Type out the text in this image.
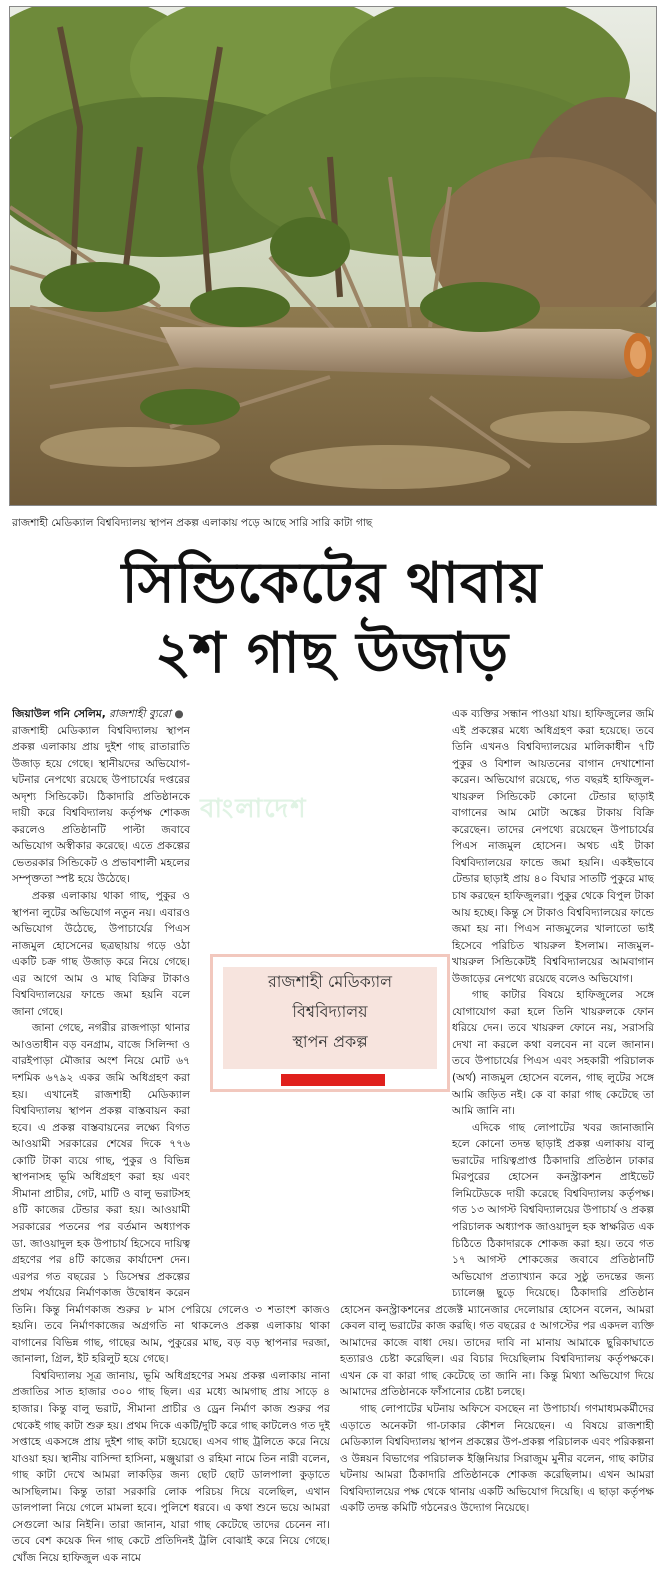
রাজশাহী মেডিক্যাল বিশ্ববিদ্যালয় স্থাপন প্রকল্প এলাকায় পড়ে আছে সারি সারি কাটা গাছ
সিন্ডিকেটের থাবায়
২শ গাছ উজাড়
বাংলাদেশ

জিয়াউল গনি সেলিম, রাজশাহী ব্যুরো ●

রাজশাহী মেডিক্যাল বিশ্ববিদ্যালয় স্থাপন প্রকল্প এলাকায় প্রায় দুইশ গাছ রাতারাতি উজাড় হয়ে গেছে। স্থানীয়দের অভিযোগ- ঘটনার নেপথ্যে রয়েছে উপাচার্যের দপ্তরের অদৃশ্য সিন্ডিকেট। ঠিকাদারি প্রতিষ্ঠানকে দায়ী করে বিশ্ববিদ্যালয় কর্তৃপক্ষ শোকজ করলেও প্রতিষ্ঠানটি পাল্টা জবাবে অভিযোগ অস্বীকার করেছে। এতে প্রকল্পের ভেতরকার সিন্ডিকেট ও প্রভাবশালী মহলের সম্পৃক্ততা স্পষ্ট হয়ে উঠেছে।

প্রকল্প এলাকায় থাকা গাছ, পুকুর ও স্থাপনা লুটের অভিযোগ নতুন নয়। এবারও অভিযোগ উঠেছে, উপাচার্যের পিএস নাজমুল হোসেনের ছত্রছায়ায় গড়ে ওঠা একটি চক্র গাছ উজাড় করে নিয়ে গেছে। এর আগে আম ও মাছ বিক্রির টাকাও বিশ্ববিদ্যালয়ের ফান্ডে জমা হয়নি বলে জানা গেছে।

জানা গেছে, নগরীর রাজপাড়া থানার আওতাধীন বড় বনগ্রাম, বাজে সিলিন্দা ও বারইপাড়া মৌজার অংশ নিয়ে মোট ৬৭ দশমিক ৬৭৯২ একর জমি অধিগ্রহণ করা হয়। এখানেই রাজশাহী মেডিক্যাল বিশ্ববিদ্যালয় স্থাপন প্রকল্প বাস্তবায়ন করা হবে। এ প্রকল্প বাস্তবায়নের লক্ষ্যে বিগত আওয়ামী সরকারের শেষের দিকে ৭৭৬ কোটি টাকা ব্যয়ে গাছ, পুকুর ও বিভিন্ন স্থাপনাসহ ভূমি অধিগ্রহণ করা হয় এবং সীমানা প্রাচীর, গেট, মাটি ও বালু ভরাটসহ ৪টি কাজের টেন্ডার করা হয়। আওয়ামী সরকারের পতনের পর বর্তমান অধ্যাপক ডা. জাওয়াদুল হক উপাচার্য হিসেবে দায়িত্ব গ্রহণের পর ৪টি কাজের কার্যাদেশ দেন। এরপর গত বছরের ১ ডিসেম্বর প্রকল্পের প্রথম পর্যায়ের নির্মাণকাজ উদ্বোধন করেন তিনি। কিন্তু নির্মাণকাজ শুরুর ৮ মাস পেরিয়ে গেলেও ৩ শতাংশ কাজও হয়নি। তবে নির্মাণকাজের অগ্রগতি না থাকলেও প্রকল্প এলাকায় থাকা বাগানের বিভিন্ন গাছ, গাছের আম, পুকুরের মাছ, বড় বড় স্থাপনার দরজা, জানালা, গ্রিল, ইট হরিলুট হয়ে গেছে।

বিশ্ববিদ্যালয় সূত্র জানায়, ভূমি অধিগ্রহণের সময় প্রকল্প এলাকায় নানা প্রজাতির সাত হাজার ৩০০ গাছ ছিল। এর মধ্যে আমগাছ প্রায় সাড়ে ৪ হাজার। কিন্তু বালু ভরাট, সীমানা প্রাচীর ও ড্রেন নির্মাণ কাজ শুরুর পর থেকেই গাছ কাটা শুরু হয়। প্রথম দিকে একটি/দুটি করে গাছ কাটলেও গত দুই সপ্তাহে একসঙ্গে প্রায় দুইশ গাছ কাটা হয়েছে। এসব গাছ ট্রলিতে করে নিয়ে যাওয়া হয়। স্থানীয় বাসিন্দা হাসিনা, মঞ্জুয়ারা ও রহিমা নামে তিন নারী বলেন, গাছ কাটা দেখে আমরা লাকড়ির জন্য ছোট ছোট ডালপালা কুড়াতে আসছিলাম। কিন্তু তারা সরকারি লোক পরিচয় দিয়ে বলেছিল, এখান ডালপালা নিয়ে গেলে মামলা হবে। পুলিশে ধরবে। এ কথা শুনে ভয়ে আমরা সেগুলো আর নিইনি। তারা জানান, যারা গাছ কেটেছে তাদের চেনেন না। তবে বেশ কয়েক দিন গাছ কেটে প্রতিদিনই ট্রলি বোঝাই করে নিয়ে গেছে। খোঁজ নিয়ে হাফিজুল এক নামে

এক ব্যক্তির সন্ধান পাওয়া যায়। হাফিজুলের জমি এই প্রকল্পের মধ্যে অধিগ্রহণ করা হয়েছে। তবে তিনি এখনও বিশ্ববিদ্যালয়ের মালিকাধীন ৭টি পুকুর ও বিশাল আয়তনের বাগান দেখাশোনা করেন। অভিযোগ রয়েছে, গত বছরই হাফিজুল-খায়রুল সিন্ডিকেট কোনো টেন্ডার ছাড়াই বাগানের আম মোটা অঙ্কের টাকায় বিক্রি করেছেন। তাদের নেপথ্যে রয়েছেন উপাচার্যের পিএস নাজমুল হোসেন। অথচ এই টাকা বিশ্ববিদ্যালয়ের ফান্ডে জমা হয়নি। একইভাবে টেন্ডার ছাড়াই প্রায় ৪০ বিঘার সাতটি পুকুরে মাছ চাষ করছেন হাফিজুলরা। পুকুর থেকে বিপুল টাকা আয় হচ্ছে। কিন্তু সে টাকাও বিশ্ববিদ্যালয়ের ফান্ডে জমা হয় না। পিএস নাজমুলের খালাতো ভাই হিসেবে পরিচিত খায়রুল ইসলাম। নাজমুল-খায়রুল সিন্ডিকেটই বিশ্ববিদ্যালয়ের আমবাগান উজাড়ের নেপথ্যে রয়েছে বলেও অভিযোগ।

গাছ কাটার বিষয়ে হাফিজুলের সঙ্গে যোগাযোগ করা হলে তিনি খায়রুলকে ফোন ধরিয়ে দেন। তবে খায়রুল ফোনে নয়, সরাসরি দেখা না করলে কথা বলবেন না বলে জানান। তবে উপাচার্যের পিএস এবং সহকারী পরিচালক (অর্থ) নাজমুল হোসেন বলেন, গাছ লুটের সঙ্গে আমি জড়িত নই। কে বা কারা গাছ কেটেছে তা আমি জানি না।

এদিকে গাছ লোপাটের খবর জানাজানি হলে কোনো তদন্ত ছাড়াই প্রকল্প এলাকায় বালু ভরাটের দায়িত্বপ্রাপ্ত ঠিকাদারি প্রতিষ্ঠান ঢাকার মিরপুরের হোসেন কনস্ট্রাকশন প্রাইভেট লিমিটেডকে দায়ী করেছে বিশ্ববিদ্যালয় কর্তৃপক্ষ। গত ১৩ আগস্ট বিশ্ববিদ্যালয়ের উপাচার্য ও প্রকল্প পরিচালক অধ্যাপক জাওয়াদুল হক স্বাক্ষরিত এক চিঠিতে ঠিকাদারকে শোকজ করা হয়। তবে গত ১৭ আগস্ট শোকজের জবাবে প্রতিষ্ঠানটি অভিযোগ প্রত্যাখ্যান করে সুষ্ঠু তদন্তের জন্য চ্যালেঞ্জ ছুড়ে দিয়েছে। ঠিকাদারি প্রতিষ্ঠান হোসেন কনস্ট্রাকশনের প্রজেক্ট ম্যানেজার দেলোয়ার হোসেন বলেন, আমরা কেবল বালু ভরাটের কাজ করছি। গত বছরের ৫ আগস্টের পর একদল ব্যক্তি আমাদের কাজে বাধা দেয়। তাদের দাবি না মানায় আমাকে ছুরিকাঘাতে হত্যারও চেষ্টা করেছিল। এর বিচার দিয়েছিলাম বিশ্ববিদ্যালয় কর্তৃপক্ষকে। এখন কে বা কারা গাছ কেটেছে তা জানি না। কিন্তু মিথ্যা অভিযোগ দিয়ে আমাদের প্রতিষ্ঠানকে ফাঁসানোর চেষ্টা চলছে।

গাছ লোপাটের ঘটনায় অফিসে বসছেন না উপাচার্য। গণমাধ্যমকর্মীদের এড়াতে অনেকটা গা-ঢাকার কৌশল নিয়েছেন। এ বিষয়ে রাজশাহী মেডিক্যাল বিশ্ববিদ্যালয় স্থাপন প্রকল্পের উপ-প্রকল্প পরিচালক এবং পরিকল্পনা ও উন্নয়ন বিভাগের পরিচালক ইঞ্জিনিয়ার সিরাজুম মুনীর বলেন, গাছ কাটার ঘটনায় আমরা ঠিকাদারি প্রতিষ্ঠানকে শোকজ করেছিলাম। এখন আমরা বিশ্ববিদ্যালয়ের পক্ষ থেকে থানায় একটি অভিযোগ দিয়েছি। এ ছাড়া কর্তৃপক্ষ একটি তদন্ত কমিটি গঠনেরও উদ্যোগ নিয়েছে।

রাজশাহী মেডিক্যাল
বিশ্ববিদ্যালয়
স্থাপন প্রকল্প
